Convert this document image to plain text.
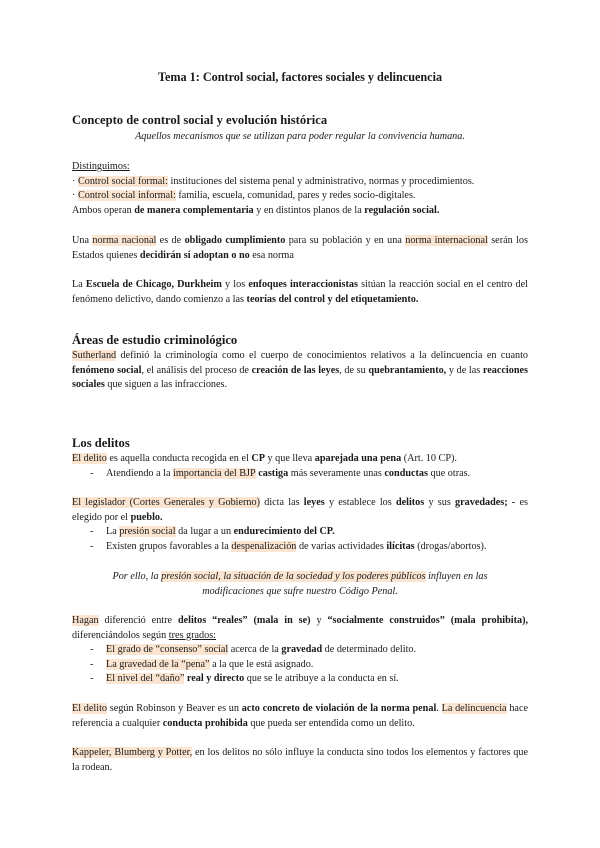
Tema 1: Control social, factores sociales y delincuencia
Concepto de control social y evolución histórica
Aquellos mecanismos que se utilizan para poder regular la convivencia humana.
Distinguimos:
· Control social formal: instituciones del sistema penal y administrativo, normas y procedimientos.
· Control social informal: familia, escuela, comunidad, pares y redes socio-digitales.
Ambos operan de manera complementaria y en distintos planos de la regulación social.
Una norma nacional es de obligado cumplimiento para su población y en una norma internacional serán los Estados quienes decidirán si adoptan o no esa norma
La Escuela de Chicago, Durkheim y los enfoques interaccionistas sitúan la reacción social en el centro del fenómeno delictivo, dando comienzo a las teorías del control y del etiquetamiento.
Áreas de estudio criminológico
Sutherland definió la criminología como el cuerpo de conocimientos relativos a la delincuencia en cuanto fenómeno social, el análisis del proceso de creación de las leyes, de su quebrantamiento, y de las reacciones sociales que siguen a las infracciones.
Los delitos
El delito es aquella conducta recogida en el CP y que lleva aparejada una pena (Art. 10 CP).
- Atendiendo a la importancia del BJP castiga más severamente unas conductas que otras.
El legislador (Cortes Generales y Gobierno) dicta las leyes y establece los delitos y sus gravedades; - es elegido por el pueblo.
- La presión social da lugar a un endurecimiento del CP.
- Existen grupos favorables a la despenalización de varias actividades ilícitas (drogas/abortos).
Por ello, la presión social, la situación de la sociedad y los poderes públicos influyen en las modificaciones que sufre nuestro Código Penal.
Hagan diferenció entre delitos “reales” (mala in se) y “socialmente construidos” (mala prohibita), diferenciándolos según tres grados:
- El grado de “consenso” social acerca de la gravedad de determinado delito.
- La gravedad de la “pena” a la que le está asignado.
- El nivel del “daño” real y directo que se le atribuye a la conducta en sí.
El delito según Robinson y Beaver es un acto concreto de violación de la norma penal. La delincuencia hace referencia a cualquier conducta prohibida que pueda ser entendida como un delito.
Kappeler, Blumberg y Potter, en los delitos no sólo influye la conducta sino todos los elementos y factores que la rodean.
